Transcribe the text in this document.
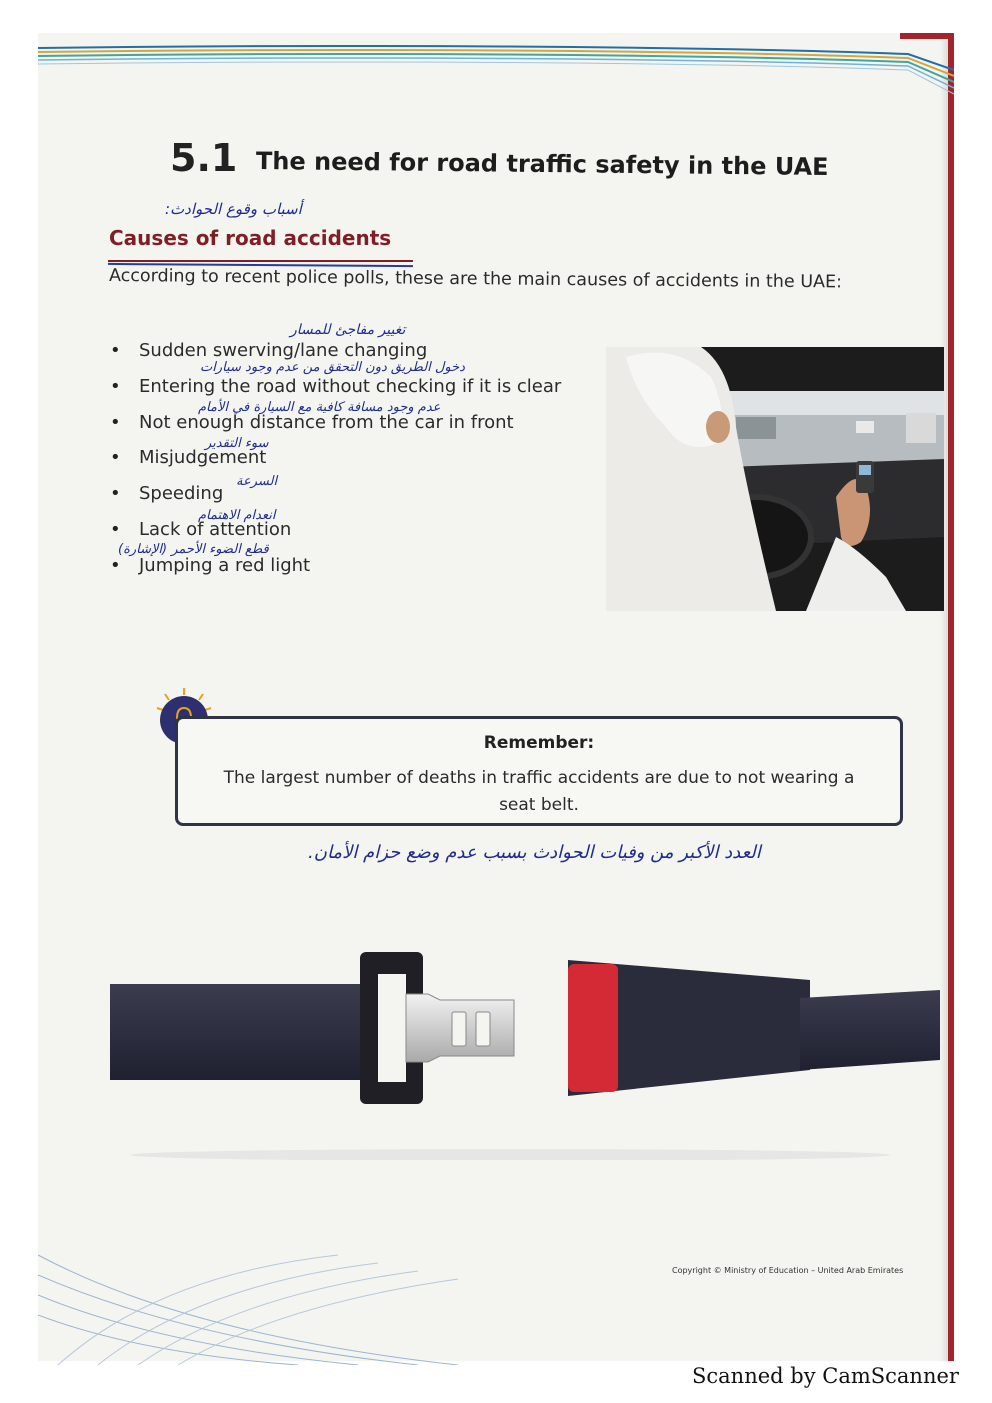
5.1 The need for road traffic safety in the UAE
أسباب وقوع الحوادث:
Causes of road accidents
According to recent police polls, these are the main causes of accidents in the UAE:
• Sudden swerving/lane changing
• Entering the road without checking if it is clear
• Not enough distance from the car in front
• Misjudgement
• Speeding
• Lack of attention
• Jumping a red light
تغيير مفاجئ للمسار
دخول الطريق دون التحقق من عدم وجود سيارات
عدم وجود مسافة كافية مع السيارة في الأمام
سوء التقدير
السرعة
انعدام الاهتمام
قطع الضوء الأحمر (الإشارة)
Remember:
The largest number of deaths in traffic accidents are due to not wearing a seat belt.
العدد الأكبر من وفيات الحوادث بسبب عدم وضع حزام الأمان.
Copyright © Ministry of Education – United Arab Emirates
Scanned by CamScanner
